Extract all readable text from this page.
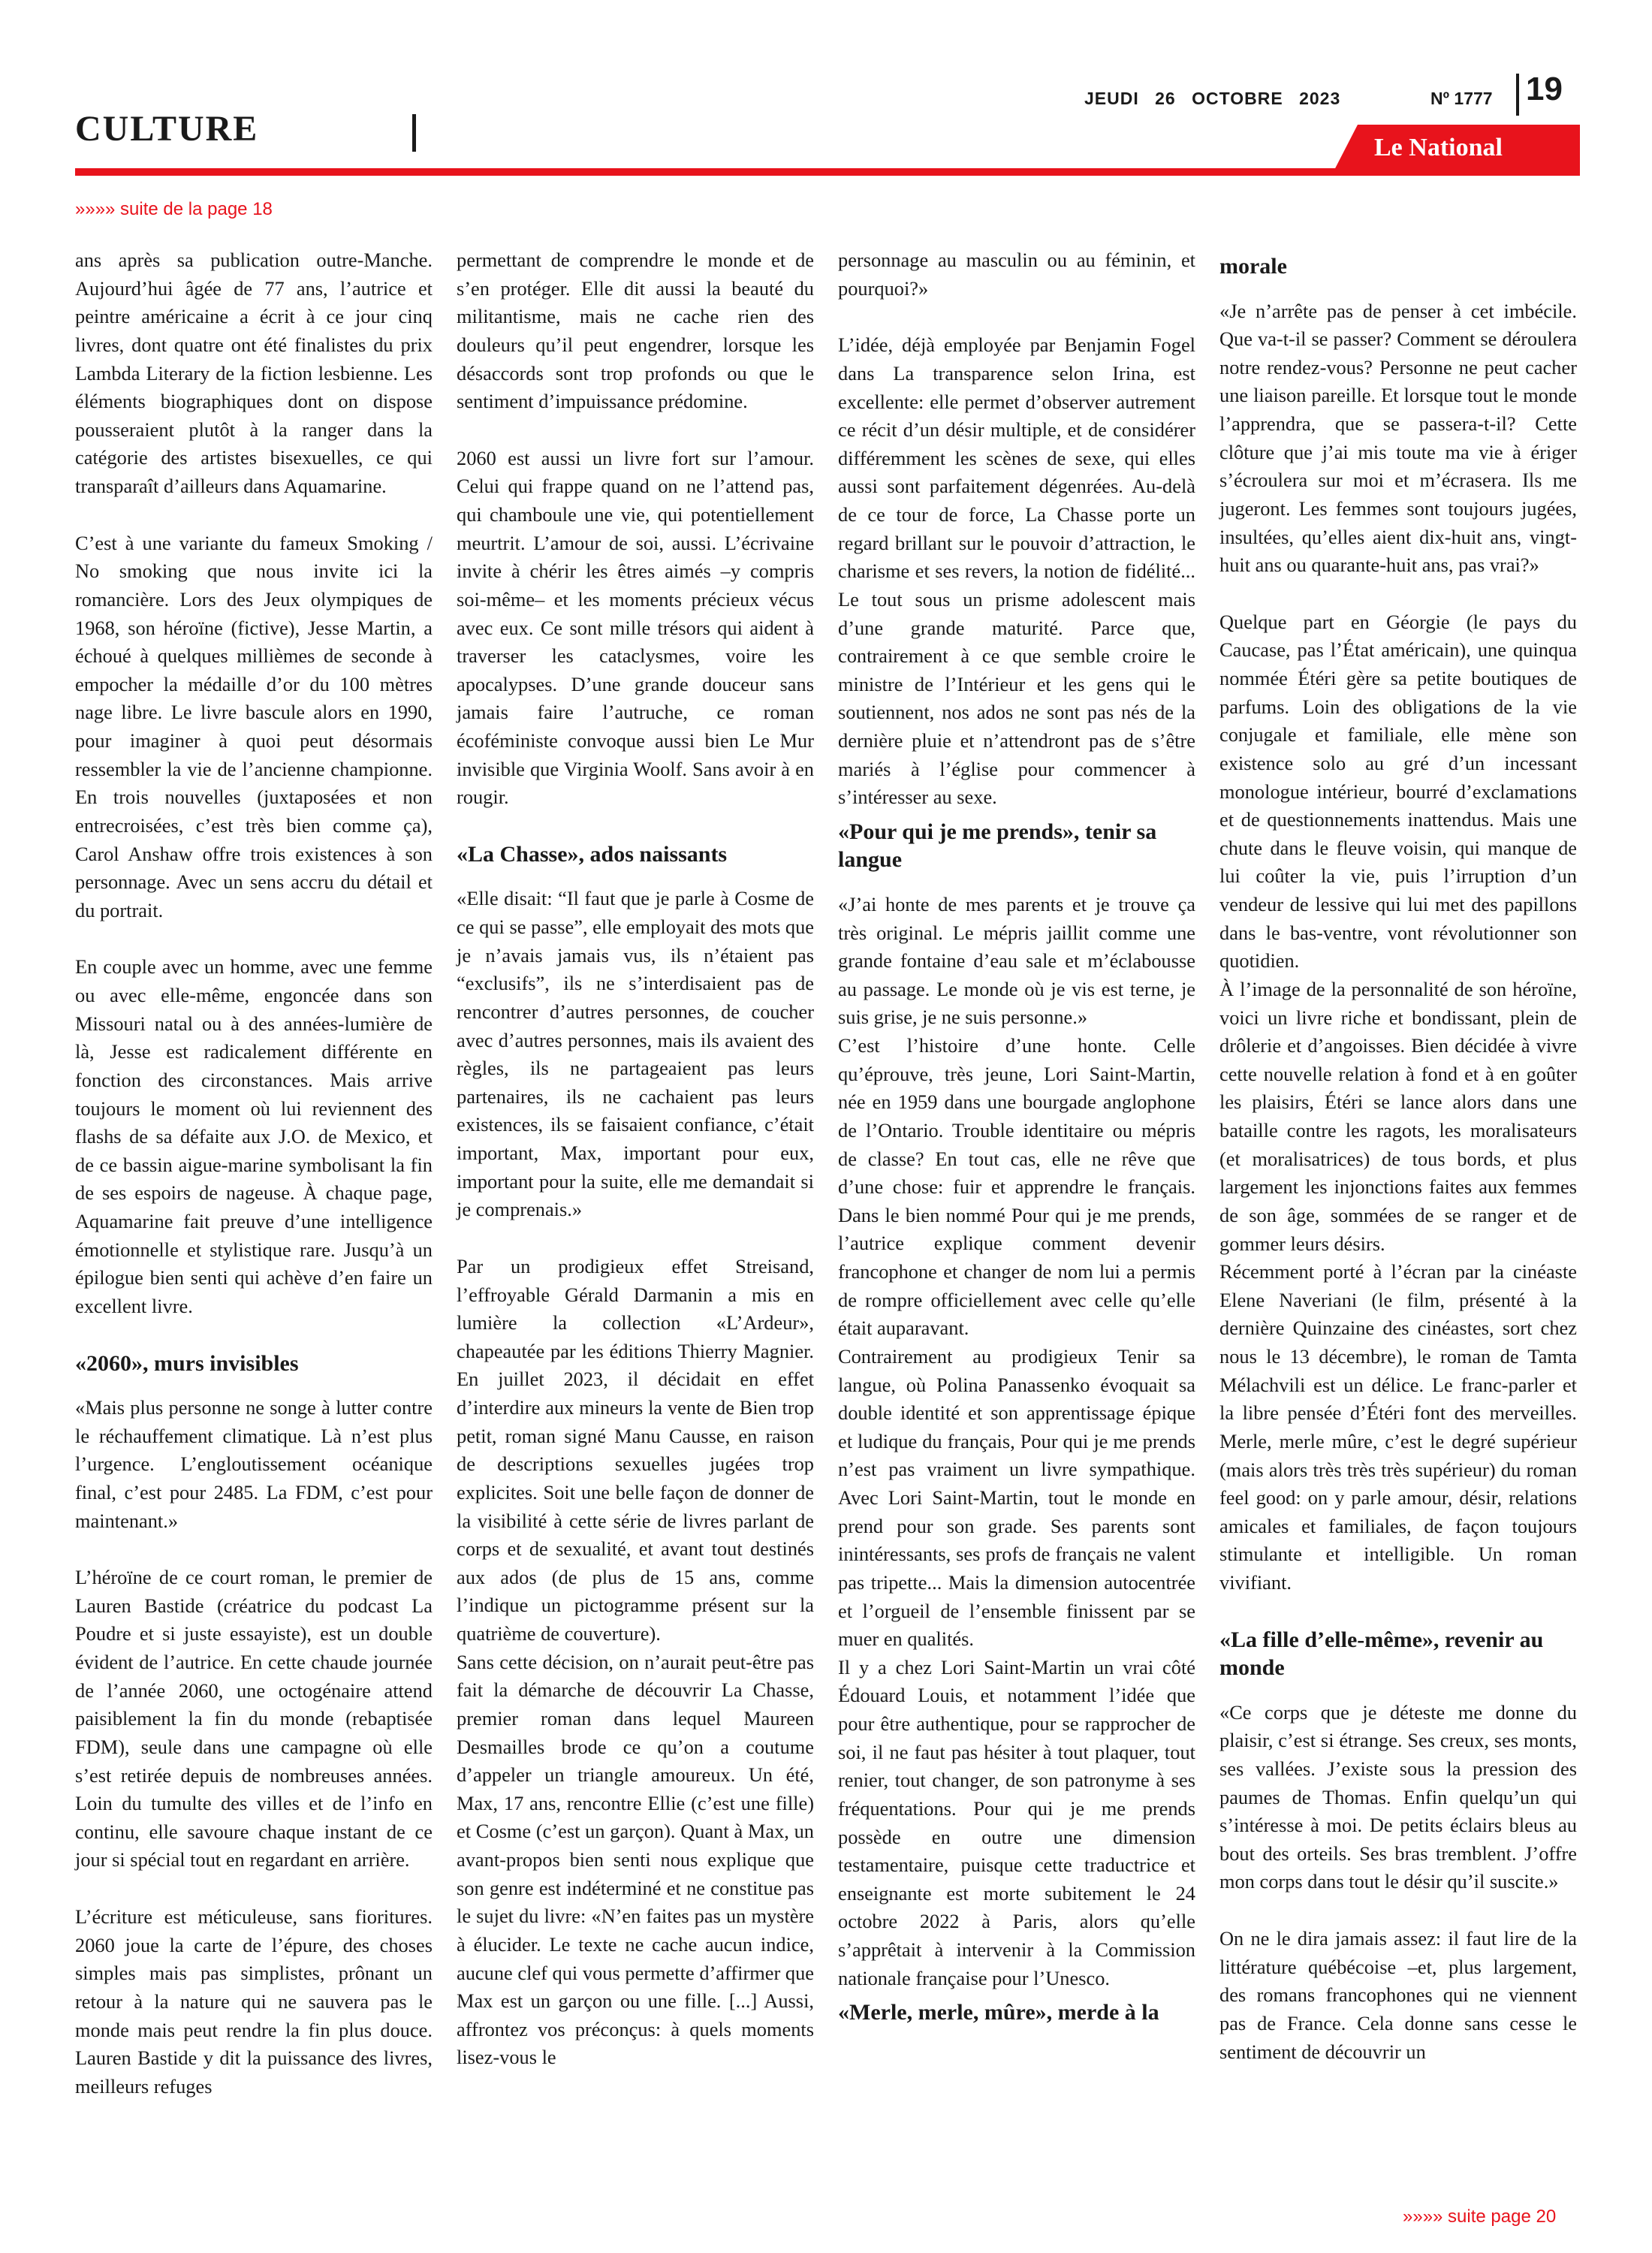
CULTURE
JEUDI 26 OCTOBRE 2023	Nº 1777 19
Le National
»»»» suite de la page 18

ans après sa publication outre-Manche. Aujourd’hui âgée de 77 ans, l’autrice et peintre américaine a écrit à ce jour cinq livres, dont quatre ont été finalistes du prix Lambda Literary de la fiction lesbienne. Les éléments biographiques dont on dispose pousseraient plutôt à la ranger dans la catégorie des artistes bisexuelles, ce qui transparaît d’ailleurs dans Aquamarine.

C’est à une variante du fameux Smoking / No smoking que nous invite ici la romancière. Lors des Jeux olympiques de 1968, son héroïne (fictive), Jesse Martin, a échoué à quelques millièmes de seconde à empocher la médaille d’or du 100 mètres nage libre. Le livre bascule alors en 1990, pour imaginer à quoi peut désormais ressembler la vie de l’ancienne championne. En trois nouvelles (juxtaposées et non entrecroisées, c’est très bien comme ça), Carol Anshaw offre trois existences à son personnage. Avec un sens accru du détail et du portrait.

En couple avec un homme, avec une femme ou avec elle-même, engoncée dans son Missouri natal ou à des années-lumière de là, Jesse est radicalement différente en fonction des circonstances. Mais arrive toujours le moment où lui reviennent des flashs de sa défaite aux J.O. de Mexico, et de ce bassin aigue-marine symbolisant la fin de ses espoirs de nageuse. À chaque page, Aquamarine fait preuve d’une intelligence émotionnelle et stylistique rare. Jusqu’à un épilogue bien senti qui achève d’en faire un excellent livre.

«2060», murs invisibles

«Mais plus personne ne songe à lutter contre le réchauffement climatique. Là n’est plus l’urgence. L’engloutissement océanique final, c’est pour 2485. La FDM, c’est pour maintenant.»

L’héroïne de ce court roman, le premier de Lauren Bastide (créatrice du podcast La Poudre et si juste essayiste), est un double évident de l’autrice. En cette chaude journée de l’année 2060, une octogénaire attend paisiblement la fin du monde (rebaptisée FDM), seule dans une campagne où elle s’est retirée depuis de nombreuses années. Loin du tumulte des villes et de l’info en continu, elle savoure chaque instant de ce jour si spécial tout en regardant en arrière.

L’écriture est méticuleuse, sans fioritures. 2060 joue la carte de l’épure, des choses simples mais pas simplistes, prônant un retour à la nature qui ne sauvera pas le monde mais peut rendre la fin plus douce. Lauren Bastide y dit la puissance des livres, meilleurs refuges

permettant de comprendre le monde et de s’en protéger. Elle dit aussi la beauté du militantisme, mais ne cache rien des douleurs qu’il peut engendrer, lorsque les désaccords sont trop profonds ou que le sentiment d’impuissance prédomine.

2060 est aussi un livre fort sur l’amour. Celui qui frappe quand on ne l’attend pas, qui chamboule une vie, qui potentiellement meurtrit. L’amour de soi, aussi. L’écrivaine invite à chérir les êtres aimés –y compris soi-même– et les moments précieux vécus avec eux. Ce sont mille trésors qui aident à traverser les cataclysmes, voire les apocalypses. D’une grande douceur sans jamais faire l’autruche, ce roman écoféministe convoque aussi bien Le Mur invisible que Virginia Woolf. Sans avoir à en rougir.

«La Chasse», ados naissants

«Elle disait: “Il faut que je parle à Cosme de ce qui se passe”, elle employait des mots que je n’avais jamais vus, ils n’étaient pas “exclusifs”, ils ne s’interdisaient pas de rencontrer d’autres personnes, de coucher avec d’autres personnes, mais ils avaient des règles, ils ne partageaient pas leurs partenaires, ils ne cachaient pas leurs existences, ils se faisaient confiance, c’était important, Max, important pour eux, important pour la suite, elle me demandait si je comprenais.»

Par un prodigieux effet Streisand, l’effroyable Gérald Darmanin a mis en lumière la collection «L’Ardeur», chapeautée par les éditions Thierry Magnier. En juillet 2023, il décidait en effet d’interdire aux mineurs la vente de Bien trop petit, roman signé Manu Causse, en raison de descriptions sexuelles jugées trop explicites. Soit une belle façon de donner de la visibilité à cette série de livres parlant de corps et de sexualité, et avant tout destinés aux ados (de plus de 15 ans, comme l’indique un pictogramme présent sur la quatrième de couverture).

Sans cette décision, on n’aurait peut-être pas fait la démarche de découvrir La Chasse, premier roman dans lequel Maureen Desmailles brode ce qu’on a coutume d’appeler un triangle amoureux. Un été, Max, 17 ans, rencontre Ellie (c’est une fille) et Cosme (c’est un garçon). Quant à Max, un avant-propos bien senti nous explique que son genre est indéterminé et ne constitue pas le sujet du livre: «N’en faites pas un mystère à élucider. Le texte ne cache aucun indice, aucune clef qui vous permette d’affirmer que Max est un garçon ou une fille. [...] Aussi, affrontez vos préconçus: à quels moments lisez-vous le

personnage au masculin ou au féminin, et pourquoi?»

L’idée, déjà employée par Benjamin Fogel dans La transparence selon Irina, est excellente: elle permet d’observer autrement ce récit d’un désir multiple, et de considérer différemment les scènes de sexe, qui elles aussi sont parfaitement dégenrées. Au-delà de ce tour de force, La Chasse porte un regard brillant sur le pouvoir d’attraction, le charisme et ses revers, la notion de fidélité... Le tout sous un prisme adolescent mais d’une grande maturité. Parce que, contrairement à ce que semble croire le ministre de l’Intérieur et les gens qui le soutiennent, nos ados ne sont pas nés de la dernière pluie et n’attendront pas de s’être mariés à l’église pour commencer à s’intéresser au sexe.

«Pour qui je me prends», tenir sa langue

«J’ai honte de mes parents et je trouve ça très original. Le mépris jaillit comme une grande fontaine d’eau sale et m’éclabousse au passage. Le monde où je vis est terne, je suis grise, je ne suis personne.»

C’est l’histoire d’une honte. Celle qu’éprouve, très jeune, Lori Saint-Martin, née en 1959 dans une bourgade anglophone de l’Ontario. Trouble identitaire ou mépris de classe? En tout cas, elle ne rêve que d’une chose: fuir et apprendre le français. Dans le bien nommé Pour qui je me prends, l’autrice explique comment devenir francophone et changer de nom lui a permis de rompre officiellement avec celle qu’elle était auparavant.

Contrairement au prodigieux Tenir sa langue, où Polina Panassenko évoquait sa double identité et son apprentissage épique et ludique du français, Pour qui je me prends n’est pas vraiment un livre sympathique. Avec Lori Saint-Martin, tout le monde en prend pour son grade. Ses parents sont inintéressants, ses profs de français ne valent pas tripette... Mais la dimension autocentrée et l’orgueil de l’ensemble finissent par se muer en qualités.

Il y a chez Lori Saint-Martin un vrai côté Édouard Louis, et notamment l’idée que pour être authentique, pour se rapprocher de soi, il ne faut pas hésiter à tout plaquer, tout renier, tout changer, de son patronyme à ses fréquentations. Pour qui je me prends possède en outre une dimension testamentaire, puisque cette traductrice et enseignante est morte subitement le 24 octobre 2022 à Paris, alors qu’elle s’apprêtait à intervenir à la Commission nationale française pour l’Unesco.

«Merle, merle, mûre», merde à la
morale

«Je n’arrête pas de penser à cet imbécile. Que va-t-il se passer? Comment se déroulera notre rendez-vous? Personne ne peut cacher une liaison pareille. Et lorsque tout le monde l’apprendra, que se passera-t-il? Cette clôture que j’ai mis toute ma vie à ériger s’écroulera sur moi et m’écrasera. Ils me jugeront. Les femmes sont toujours jugées, insultées, qu’elles aient dix-huit ans, vingt-huit ans ou quarante-huit ans, pas vrai?»

Quelque part en Géorgie (le pays du Caucase, pas l’État américain), une quinqua nommée Étéri gère sa petite boutiques de parfums. Loin des obligations de la vie conjugale et familiale, elle mène son existence solo au gré d’un incessant monologue intérieur, bourré d’exclamations et de questionnements inattendus. Mais une chute dans le fleuve voisin, qui manque de lui coûter la vie, puis l’irruption d’un vendeur de lessive qui lui met des papillons dans le bas-ventre, vont révolutionner son quotidien.

À l’image de la personnalité de son héroïne, voici un livre riche et bondissant, plein de drôlerie et d’angoisses. Bien décidée à vivre cette nouvelle relation à fond et à en goûter les plaisirs, Étéri se lance alors dans une bataille contre les ragots, les moralisateurs (et moralisatrices) de tous bords, et plus largement les injonctions faites aux femmes de son âge, sommées de se ranger et de gommer leurs désirs.

Récemment porté à l’écran par la cinéaste Elene Naveriani (le film, présenté à la dernière Quinzaine des cinéastes, sort chez nous le 13 décembre), le roman de Tamta Mélachvili est un délice. Le franc-parler et la libre pensée d’Étéri font des merveilles. Merle, merle mûre, c’est le degré supérieur (mais alors très très très supérieur) du roman feel good: on y parle amour, désir, relations amicales et familiales, de façon toujours stimulante et intelligible. Un roman vivifiant.

«La fille d’elle-même», revenir au monde

«Ce corps que je déteste me donne du plaisir, c’est si étrange. Ses creux, ses monts, ses vallées. J’existe sous la pression des paumes de Thomas. Enfin quelqu’un qui s’intéresse à moi. De petits éclairs bleus au bout des orteils. Ses bras tremblent. J’offre mon corps dans tout le désir qu’il suscite.»

On ne le dira jamais assez: il faut lire de la littérature québécoise –et, plus largement, des romans francophones qui ne viennent pas de France. Cela donne sans cesse le sentiment de découvrir un

»»»» suite page 20
